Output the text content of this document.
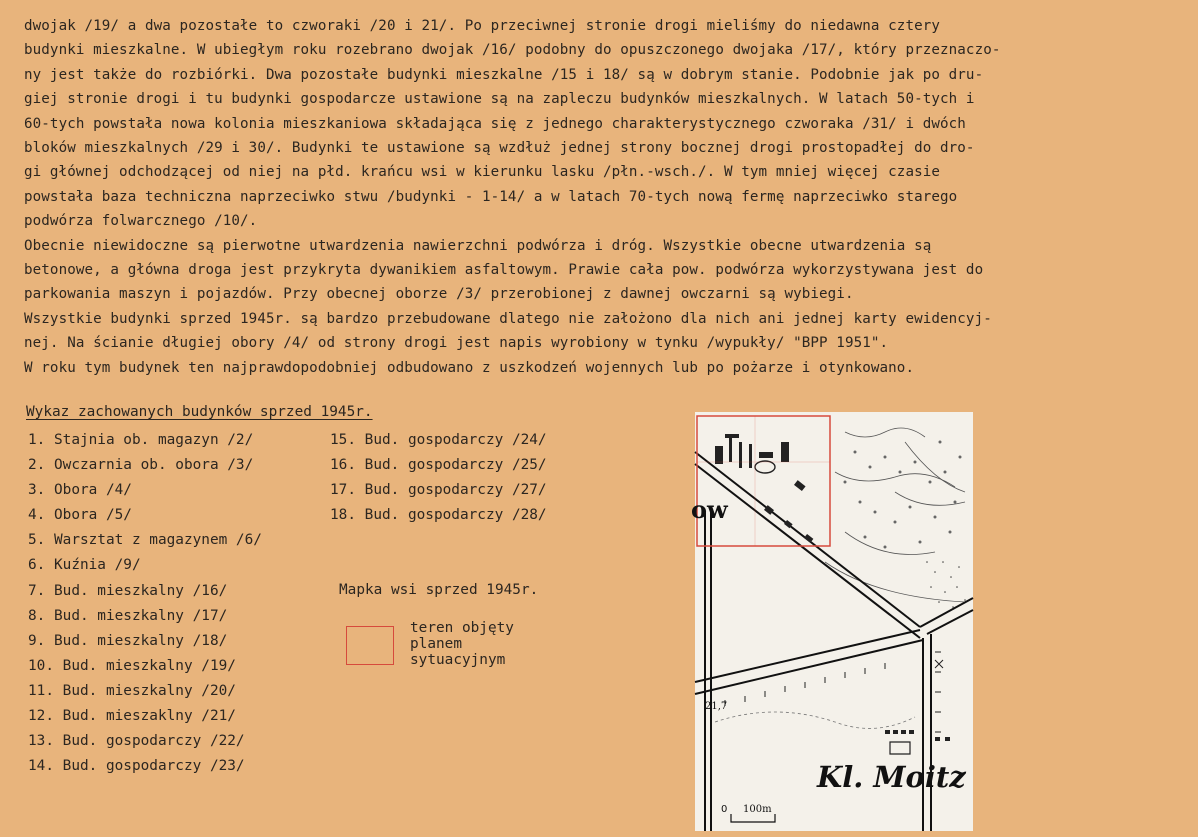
dwojak /19/ a dwa pozostałe to czworaki /20 i 21/. Po przeciwnej stronie drogi mieliśmy do niedawna cztery
budynki mieszkalne. W ubiegłym roku rozebrano dwojak /16/ podobny do opuszczonego dwojaka /17/, który przeznaczo-
ny jest także do rozbiórki. Dwa pozostałe budynki mieszkalne /15 i 18/ są w dobrym stanie. Podobnie jak po dru-
giej stronie drogi i tu budynki gospodarcze ustawione są na zapleczu budynków mieszkalnych. W latach 50-tych i
60-tych powstała nowa kolonia mieszkaniowa składająca się z jednego charakterystycznego czworaka /31/ i dwóch
bloków mieszkalnych /29 i 30/. Budynki te ustawione są wzdłuż jednej strony bocznej drogi prostopadłej do dro-
gi głównej odchodzącej od niej na płd. krańcu wsi w kierunku lasku /płn.-wsch./. W tym mniej więcej czasie
powstała baza techniczna naprzeciwko stwu /budynki - 1-14/ a w latach 70-tych nową fermę naprzeciwko starego
podwórza folwarcznego /10/.
Obecnie niewidoczne są pierwotne utwardzenia nawierzchni podwórza i dróg. Wszystkie obecne utwardzenia są
betonowe, a główna droga jest przykryta dywanikiem asfaltowym. Prawie cała pow. podwórza wykorzystywana jest do
parkowania maszyn i pojazdów. Przy obecnej oborze /3/ przerobionej z dawnej owczarni są wybiegi.
Wszystkie budynki sprzed 1945r. są bardzo przebudowane dlatego nie założono dla nich ani jednej karty ewidencyj-
nej. Na ścianie długiej obory /4/ od strony drogi jest napis wyrobiony w tynku /wypukły/ "BPP 1951".
W roku tym budynek ten najprawdopodobniej odbudowano z uszkodzeń wojennych lub po pożarze i otynkowano.
Wykaz zachowanych budynków sprzed 1945r.
1. Stajnia ob. magazyn /2/
2. Owczarnia ob. obora /3/
3. Obora /4/
4. Obora /5/
5. Warsztat z magazynem /6/
6. Kuźnia /9/
7. Bud. mieszkalny /16/
8. Bud. mieszkalny /17/
9. Bud. mieszkalny /18/
10. Bud. mieszkalny /19/
11. Bud. mieszkalny /20/
12. Bud. mieszaklny /21/
13. Bud. gospodarczy /22/
14. Bud. gospodarczy /23/
15. Bud. gospodarczy /24/
16. Bud. gospodarczy /25/
17. Bud. gospodarczy /27/
18. Bud. gospodarczy /28/
Mapka wsi sprzed 1945r.
teren objęty
planem
sytuacyjnym
ow
21,7
Kl. Moitz
0 100m
